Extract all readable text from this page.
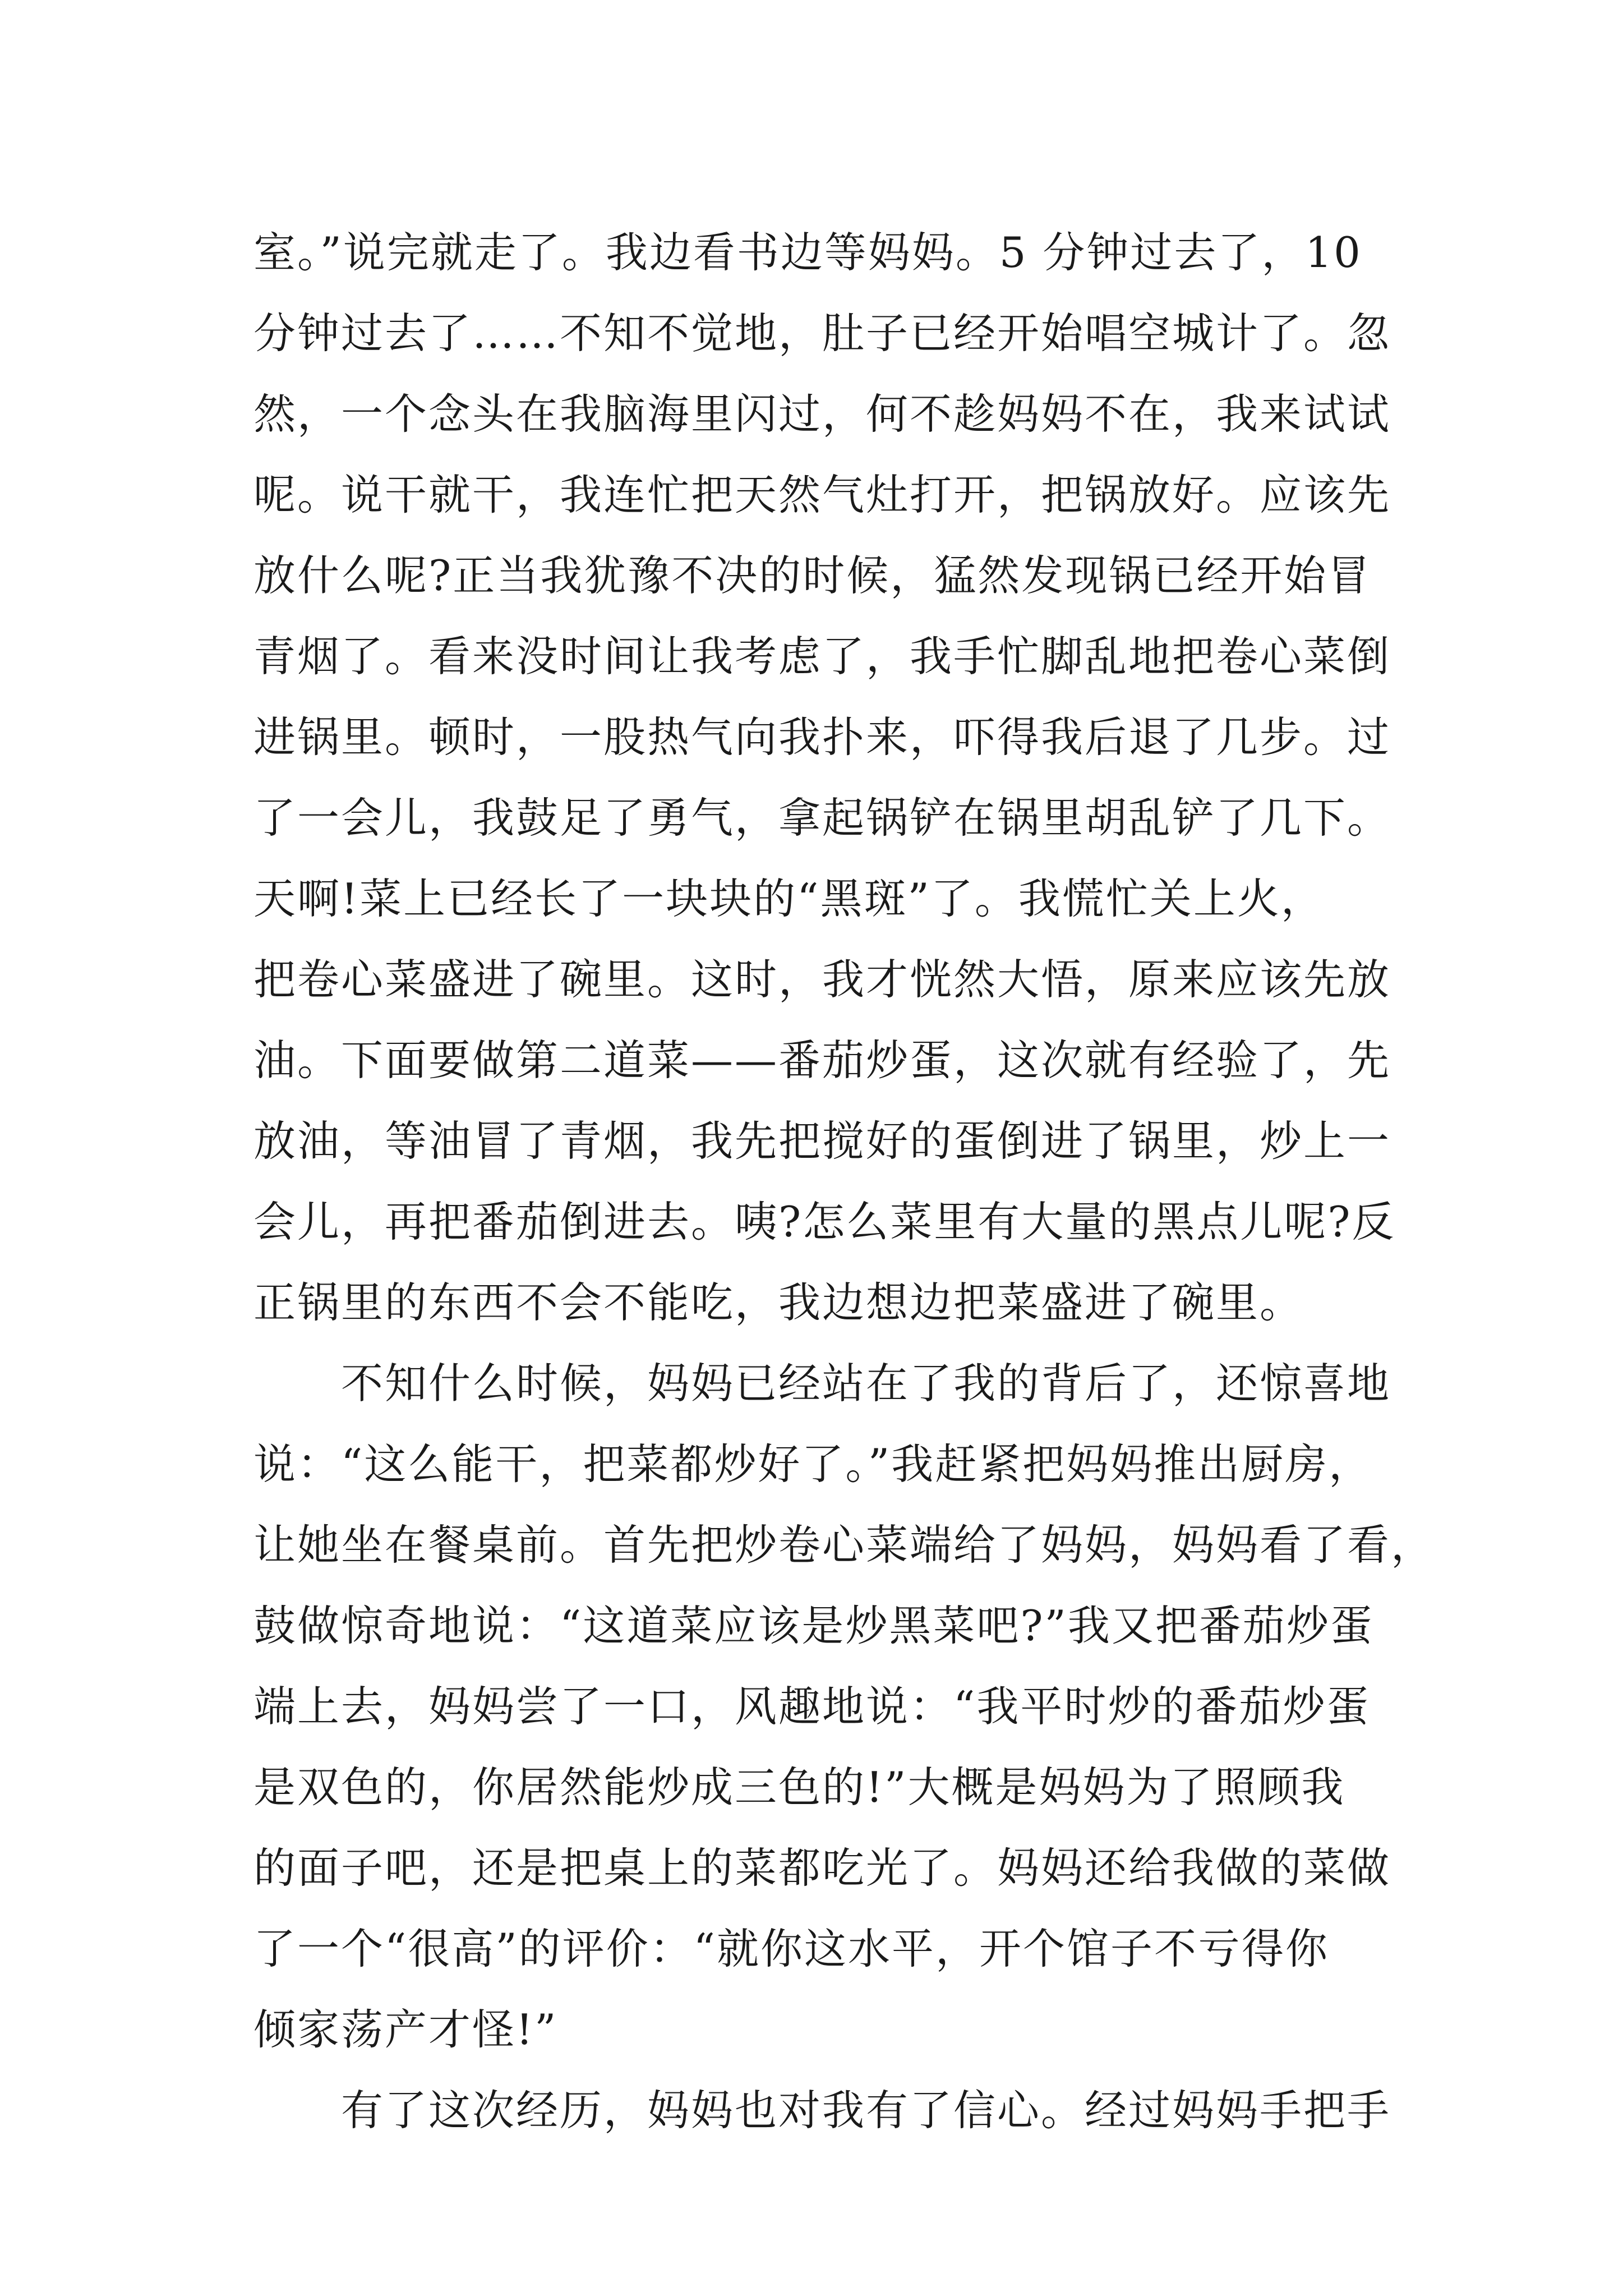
室。”说完就走了。我边看书边等妈妈。5 分钟过去了，10
分钟过去了……不知不觉地，肚子已经开始唱空城计了。忽
然，一个念头在我脑海里闪过，何不趁妈妈不在，我来试试
呢。说干就干，我连忙把天然气灶打开，把锅放好。应该先
放什么呢?正当我犹豫不决的时候，猛然发现锅已经开始冒
青烟了。看来没时间让我考虑了，我手忙脚乱地把卷心菜倒
进锅里。顿时，一股热气向我扑来，吓得我后退了几步。过
了一会儿，我鼓足了勇气，拿起锅铲在锅里胡乱铲了几下。
天啊!菜上已经长了一块块的“黑斑”了。我慌忙关上火，
把卷心菜盛进了碗里。这时，我才恍然大悟，原来应该先放
油。下面要做第二道菜——番茄炒蛋，这次就有经验了，先
放油，等油冒了青烟，我先把搅好的蛋倒进了锅里，炒上一
会儿，再把番茄倒进去。咦?怎么菜里有大量的黑点儿呢?反
正锅里的东西不会不能吃，我边想边把菜盛进了碗里。
　　不知什么时候，妈妈已经站在了我的背后了，还惊喜地
说：“这么能干，把菜都炒好了。”我赶紧把妈妈推出厨房，
让她坐在餐桌前。首先把炒卷心菜端给了妈妈，妈妈看了看，
鼓做惊奇地说：“这道菜应该是炒黑菜吧?”我又把番茄炒蛋
端上去，妈妈尝了一口，风趣地说：“我平时炒的番茄炒蛋
是双色的，你居然能炒成三色的!”大概是妈妈为了照顾我
的面子吧，还是把桌上的菜都吃光了。妈妈还给我做的菜做
了一个“很高”的评价：“就你这水平，开个馆子不亏得你
倾家荡产才怪!”
　　有了这次经历，妈妈也对我有了信心。经过妈妈手把手
